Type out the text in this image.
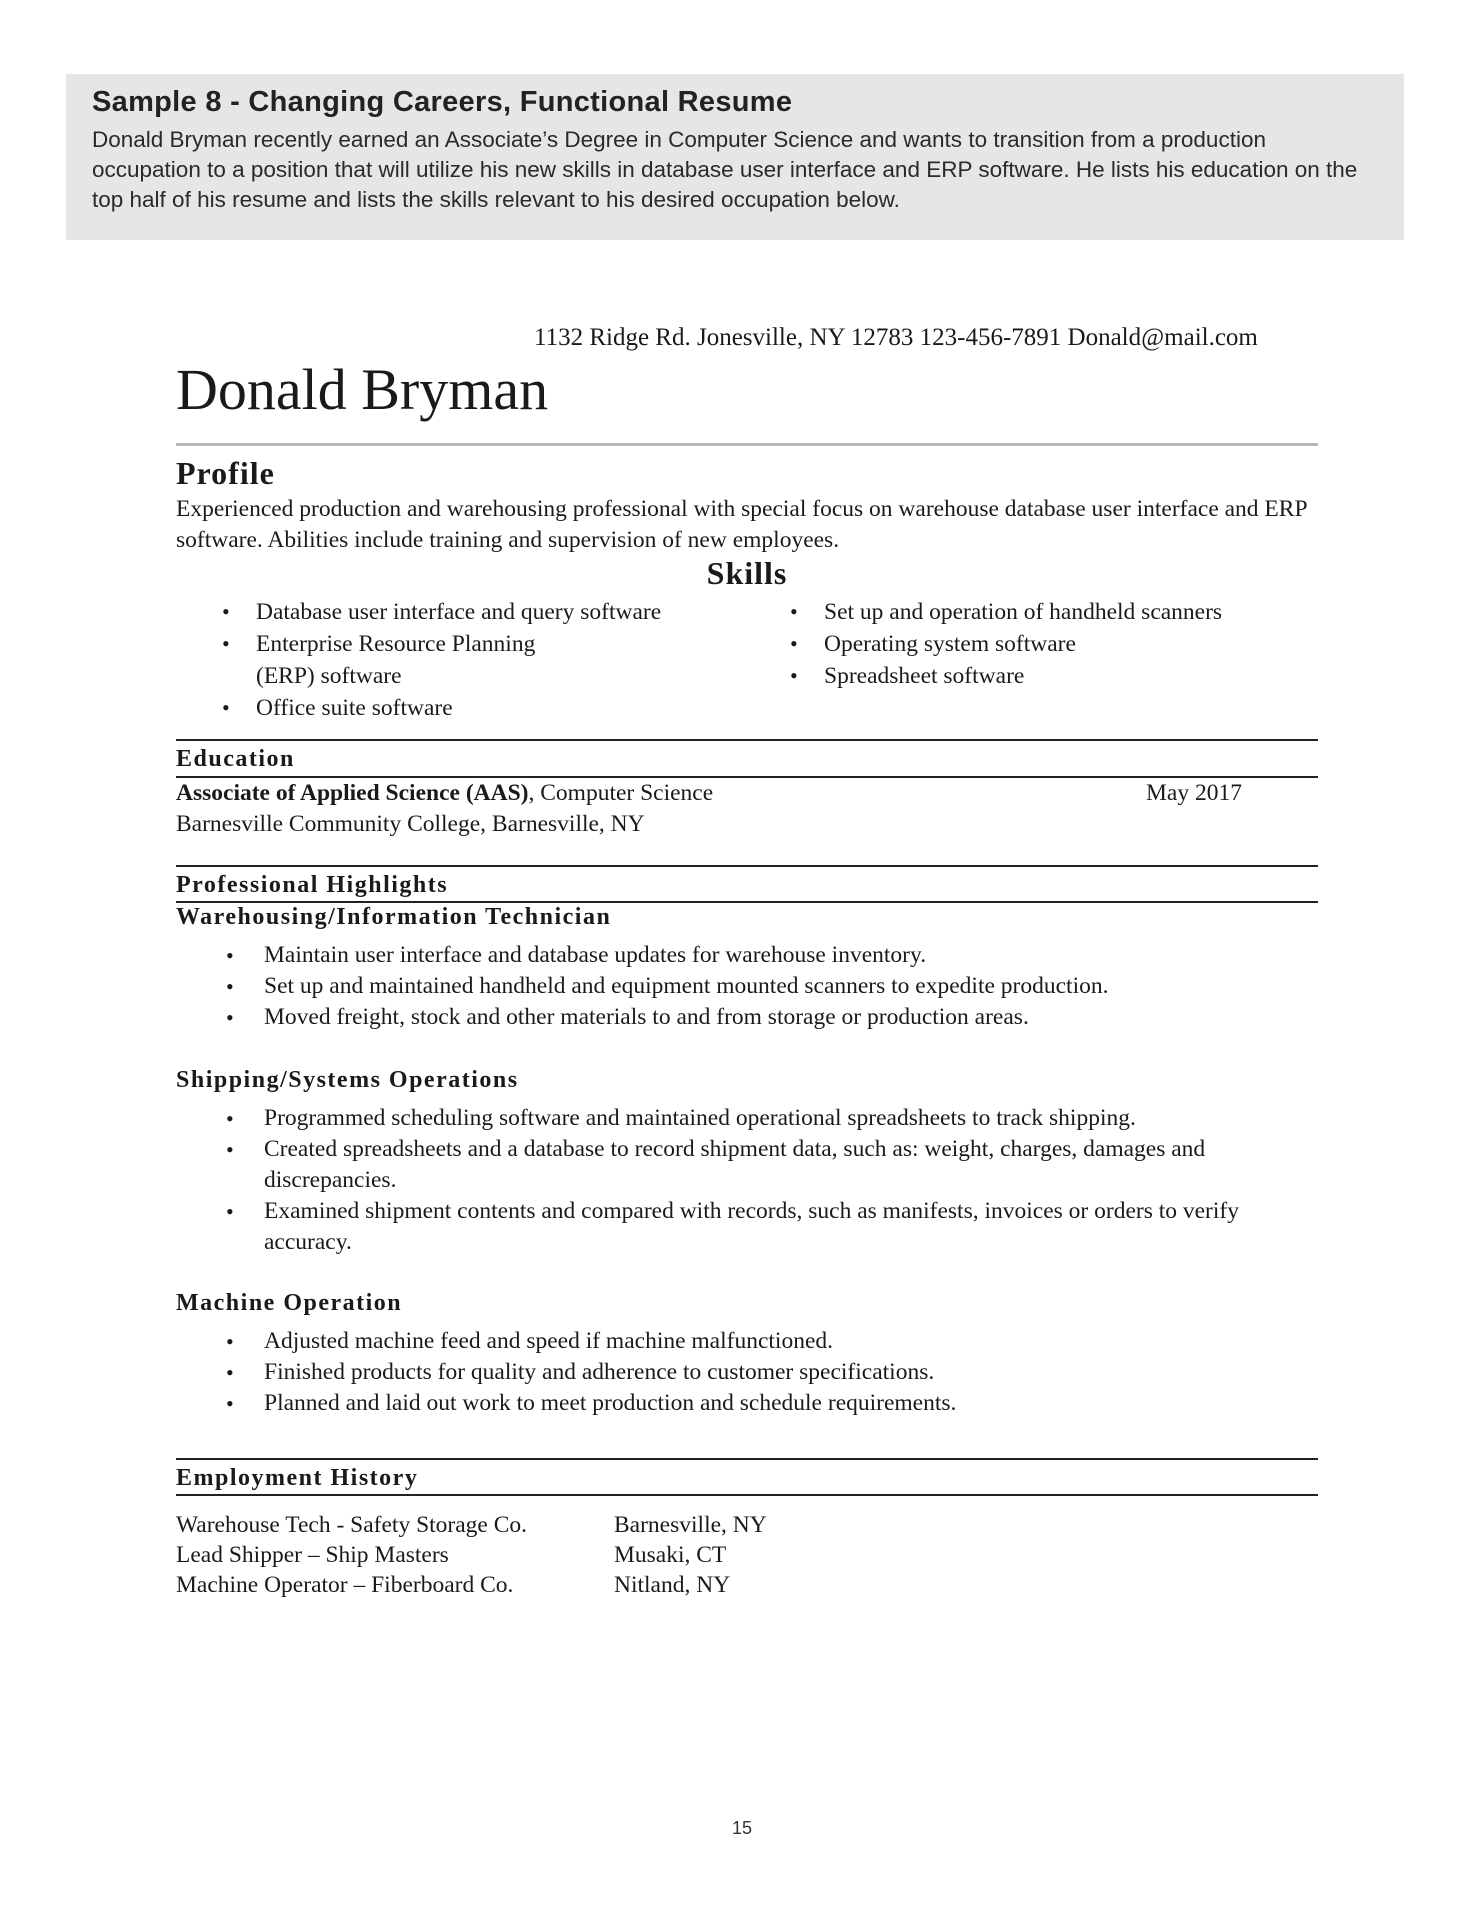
Sample 8 - Changing Careers, Functional Resume

Donald Bryman recently earned an Associate’s Degree in Computer Science and wants to transition from a production occupation to a position that will utilize his new skills in database user interface and ERP software. He lists his education on the top half of his resume and lists the skills relevant to his desired occupation below.

1132 Ridge Rd. Jonesville, NY 12783 123-456-7891 Donald@mail.com
Donald Bryman
Profile

Experienced production and warehousing professional with special focus on warehouse database user interface and ERP software. Abilities include training and supervision of new employees.

Skills
• Database user interface and query software
• Enterprise Resource Planning (ERP) software
• Office suite software
• Set up and operation of handheld scanners
• Operating system software
• Spreadsheet software
Education
Associate of Applied Science (AAS), Computer Science	May 2017
Barnesville Community College, Barnesville, NY
Professional Highlights
Warehousing/Information Technician
• Maintain user interface and database updates for warehouse inventory.
• Set up and maintained handheld and equipment mounted scanners to expedite production.
• Moved freight, stock and other materials to and from storage or production areas.
Shipping/Systems Operations
• Programmed scheduling software and maintained operational spreadsheets to track shipping.
• Created spreadsheets and a database to record shipment data, such as: weight, charges, damages and discrepancies.
• Examined shipment contents and compared with records, such as manifests, invoices or orders to verify accuracy.
Machine Operation
• Adjusted machine feed and speed if machine malfunctioned.
• Finished products for quality and adherence to customer specifications.
• Planned and laid out work to meet production and schedule requirements.
Employment History
Warehouse Tech - Safety Storage Co.	Barnesville, NY
Lead Shipper – Ship Masters	Musaki, CT
Machine Operator – Fiberboard Co.	Nitland, NY
15
